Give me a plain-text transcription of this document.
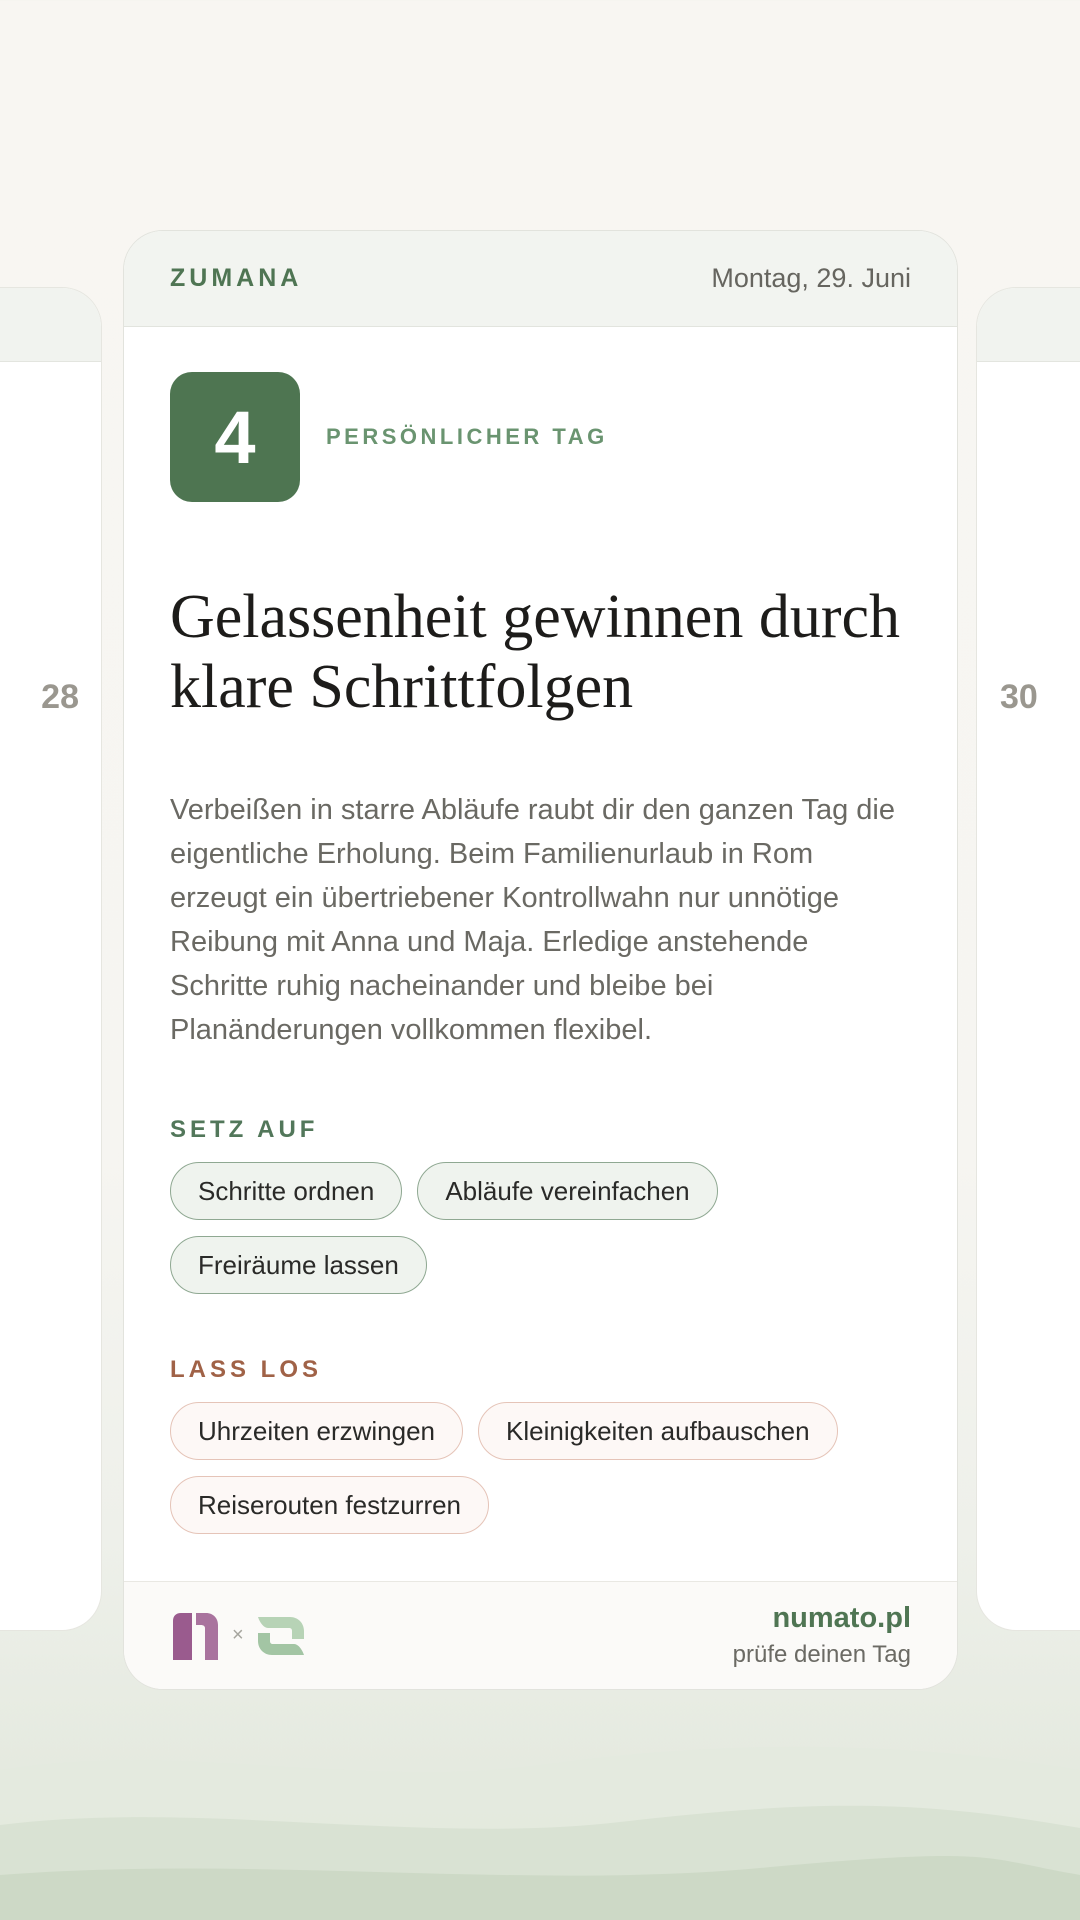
28	30
ZUMANA	Montag, 29. Juni
4	PERSÖNLICHER TAG
Gelassenheit gewinnen durch klare Schrittfolgen

Verbeißen in starre Abläufe raubt dir den ganzen Tag die eigentliche Erholung. Beim Familienurlaub in Rom erzeugt ein übertriebener Kontrollwahn nur unnötige Reibung mit Anna und Maja. Erledige anstehende Schritte ruhig nacheinander und bleibe bei Planänderungen vollkommen flexibel.

SETZ AUF
Schritte ordnen	Abläufe vereinfachen
Freiräume lassen
LASS LOS
Uhrzeiten erzwingen	Kleinigkeiten aufbauschen
Reiserouten festzurren
×
numato.pl
prüfe deinen Tag
